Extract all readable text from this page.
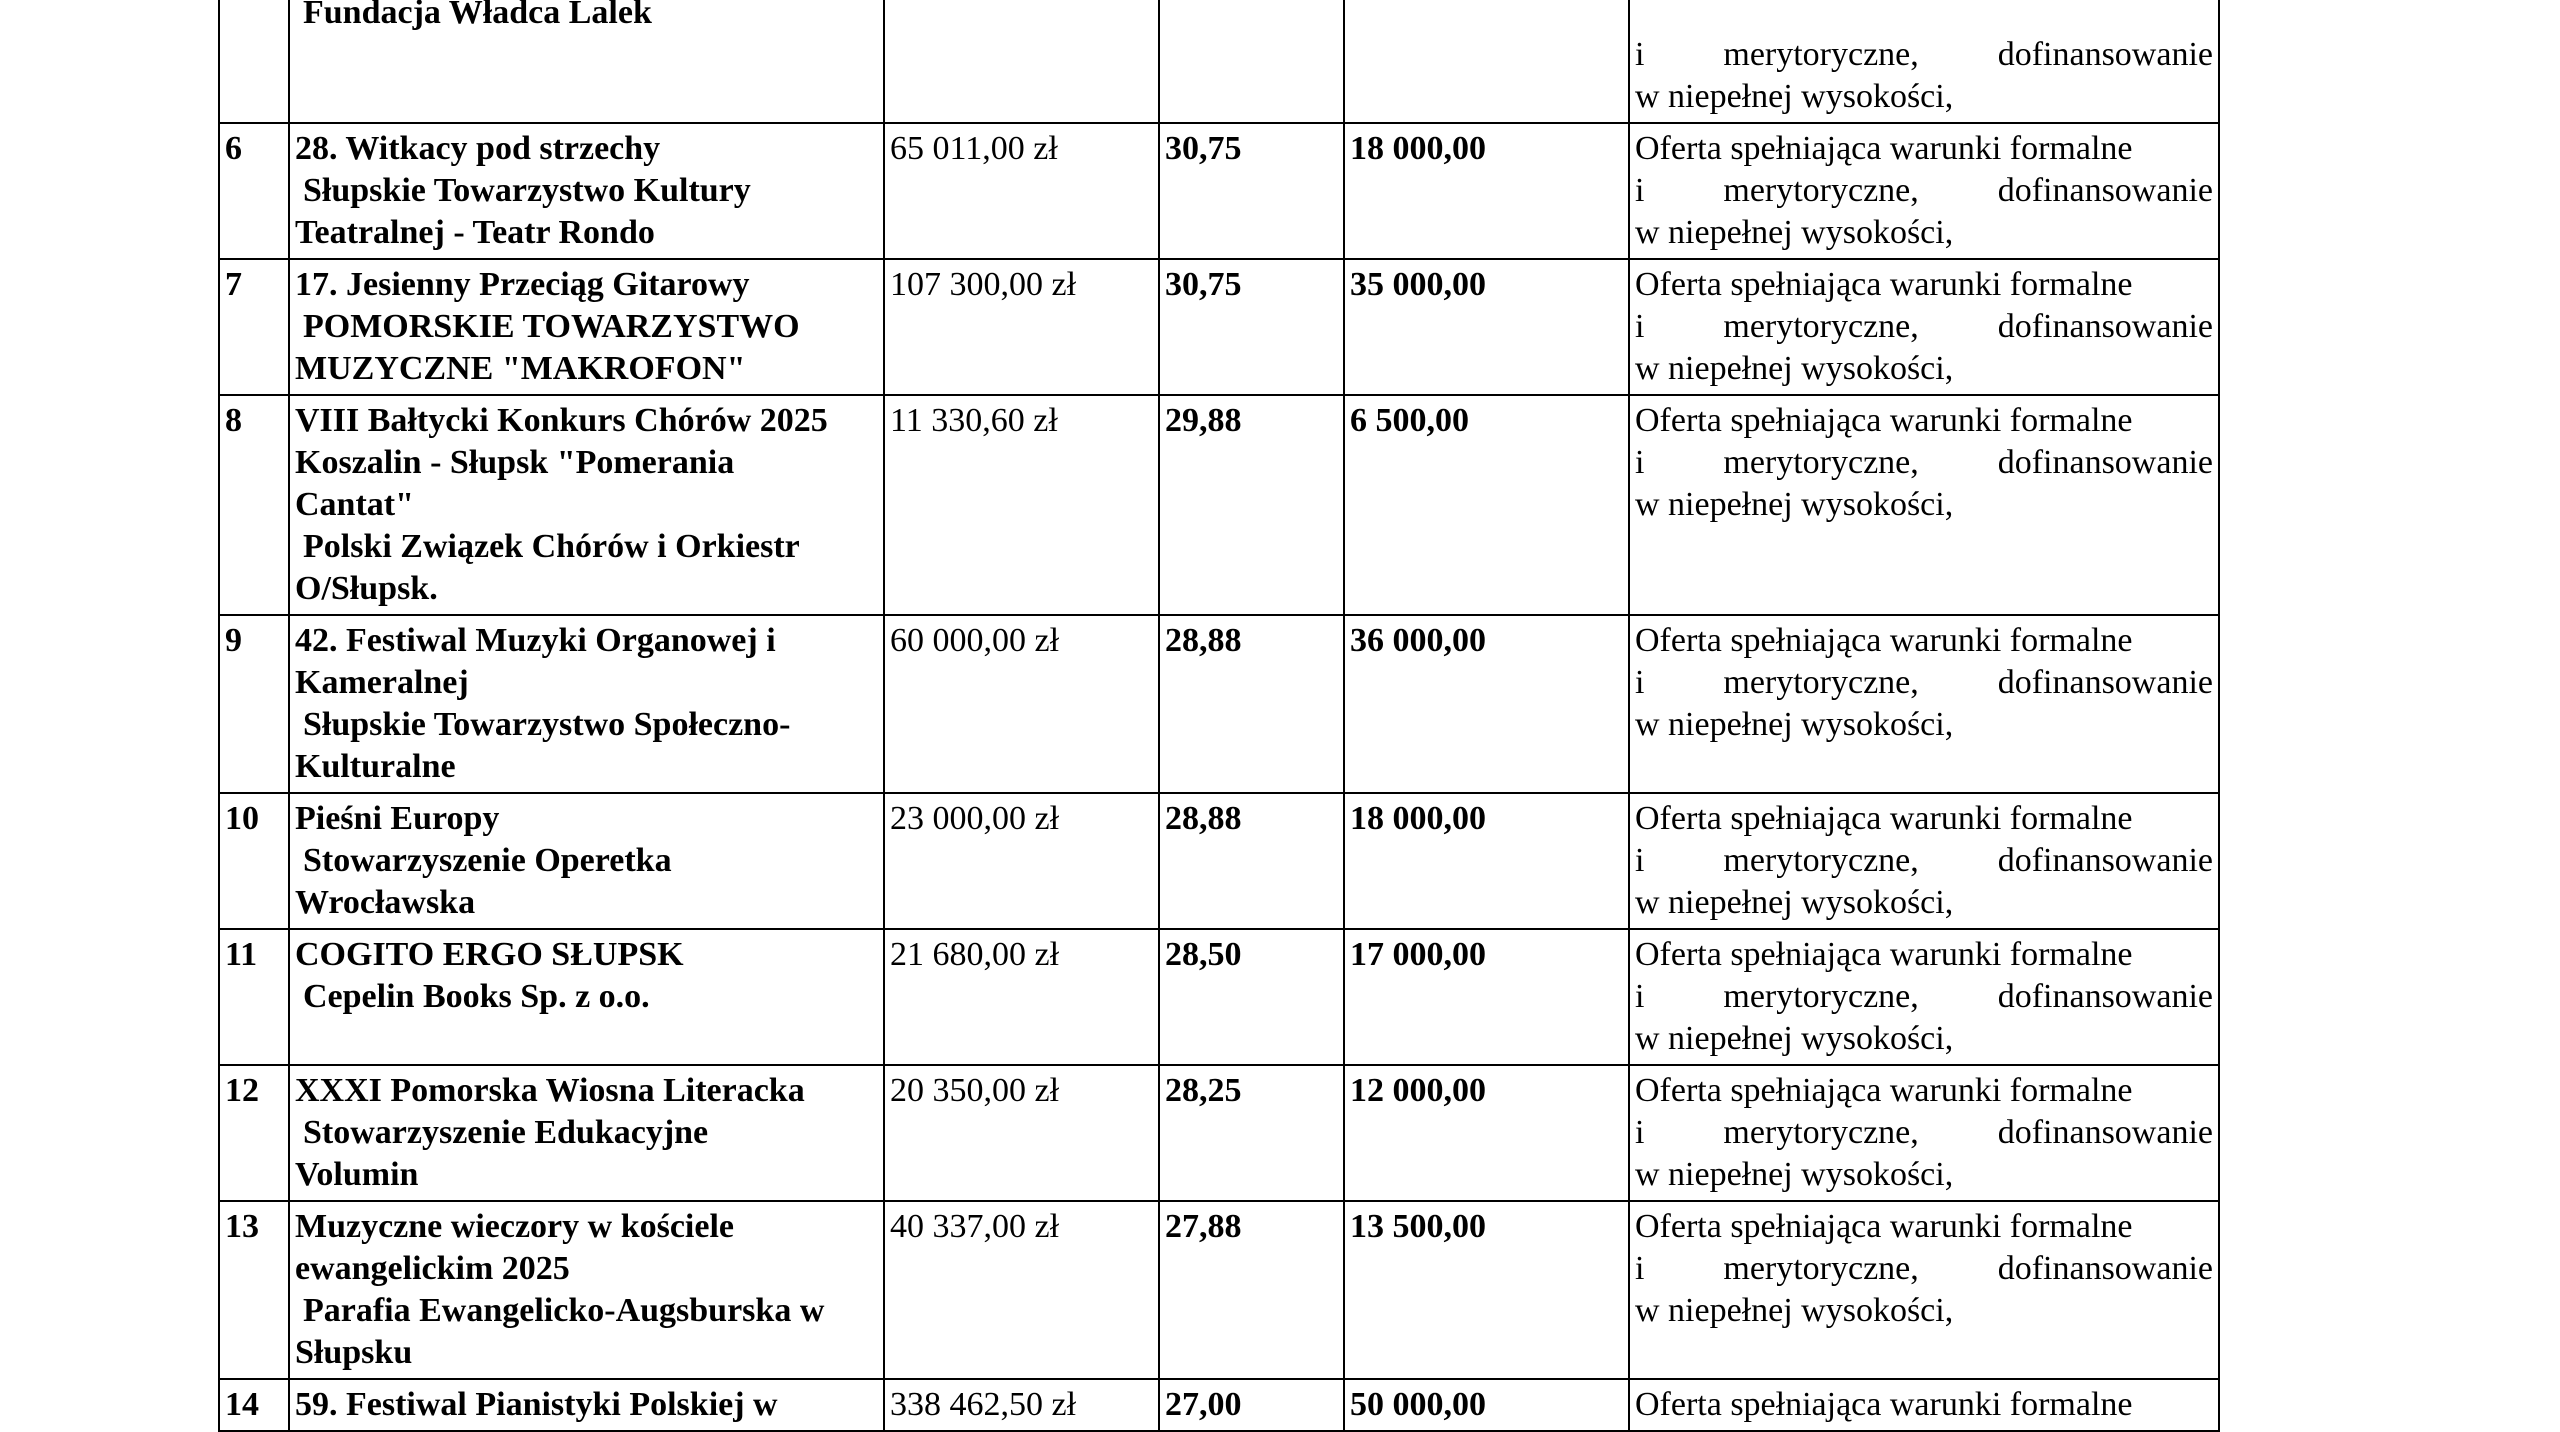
	Fundacja Władca Lalek				i merytoryczne, dofinansowanie
w niepełnej wysokości,

6	28. Witkacy pod strzechy
Słupskie Towarzystwo Kultury
Teatralnej - Teatr Rondo	65 011,00 zł	30,75	18 000,00	Oferta spełniająca warunki formalne
i merytoryczne, dofinansowanie
w niepełnej wysokości,

7	17. Jesienny Przeciąg Gitarowy
POMORSKIE TOWARZYSTWO
MUZYCZNE "MAKROFON"	107 300,00 zł	30,75	35 000,00	Oferta spełniająca warunki formalne
i merytoryczne, dofinansowanie
w niepełnej wysokości,

8	VIII Bałtycki Konkurs Chórów 2025
Koszalin - Słupsk "Pomerania
Cantat"
Polski Związek Chórów i Orkiestr
O/Słupsk.	11 330,60 zł	29,88	6 500,00	Oferta spełniająca warunki formalne
i merytoryczne, dofinansowanie
w niepełnej wysokości,

9	42. Festiwal Muzyki Organowej i
Kameralnej
Słupskie Towarzystwo Społeczno-
Kulturalne	60 000,00 zł	28,88	36 000,00	Oferta spełniająca warunki formalne
i merytoryczne, dofinansowanie
w niepełnej wysokości,

10	Pieśni Europy
Stowarzyszenie Operetka
Wrocławska	23 000,00 zł	28,88	18 000,00	Oferta spełniająca warunki formalne
i merytoryczne, dofinansowanie
w niepełnej wysokości,

11	COGITO ERGO SŁUPSK
Cepelin Books Sp. z o.o.	21 680,00 zł	28,50	17 000,00	Oferta spełniająca warunki formalne
i merytoryczne, dofinansowanie
w niepełnej wysokości,

12	XXXI Pomorska Wiosna Literacka
Stowarzyszenie Edukacyjne
Volumin	20 350,00 zł	28,25	12 000,00	Oferta spełniająca warunki formalne
i merytoryczne, dofinansowanie
w niepełnej wysokości,

13	Muzyczne wieczory w kościele
ewangelickim 2025
Parafia Ewangelicko-Augsburska w
Słupsku	40 337,00 zł	27,88	13 500,00	Oferta spełniająca warunki formalne
i merytoryczne, dofinansowanie
w niepełnej wysokości,

14	59. Festiwal Pianistyki Polskiej w	338 462,50 zł	27,00	50 000,00	Oferta spełniająca warunki formalne
